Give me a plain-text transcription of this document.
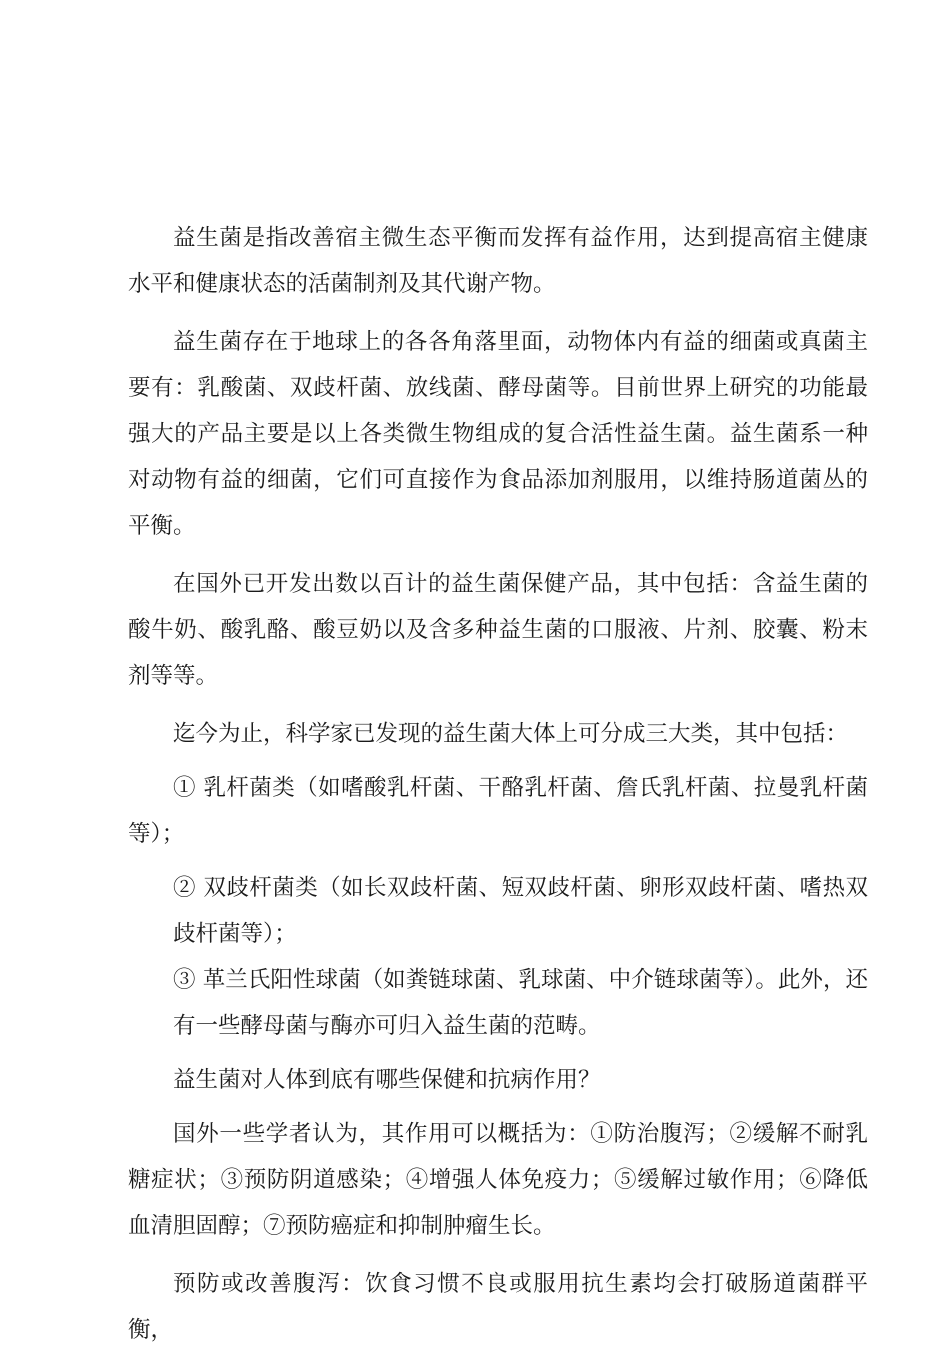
益生菌是指改善宿主微生态平衡而发挥有益作用，达到提高宿主健康水平和健康状态的活菌制剂及其代谢产物。

益生菌存在于地球上的各各角落里面，动物体内有益的细菌或真菌主要有：乳酸菌、双歧杆菌、放线菌、酵母菌等。目前世界上研究的功能最强大的产品主要是以上各类微生物组成的复合活性益生菌。益生菌系一种对动物有益的细菌，它们可直接作为食品添加剂服用，以维持肠道菌丛的平衡。

在国外已开发出数以百计的益生菌保健产品，其中包括：含益生菌的酸牛奶、酸乳酪、酸豆奶以及含多种益生菌的口服液、片剂、胶囊、粉末剂等等。

迄今为止，科学家已发现的益生菌大体上可分成三大类，其中包括：

① 乳杆菌类（如嗜酸乳杆菌、干酪乳杆菌、詹氏乳杆菌、拉曼乳杆菌等）；

② 双歧杆菌类（如长双歧杆菌、短双歧杆菌、卵形双歧杆菌、嗜热双歧杆菌等）；

③ 革兰氏阳性球菌（如粪链球菌、乳球菌、中介链球菌等）。此外，还有一些酵母菌与酶亦可归入益生菌的范畴。

益生菌对人体到底有哪些保健和抗病作用？

国外一些学者认为，其作用可以概括为：①防治腹泻；②缓解不耐乳糖症状；③预防阴道感染；④增强人体免疫力；⑤缓解过敏作用；⑥降低血清胆固醇；⑦预防癌症和抑制肿瘤生长。

预防或改善腹泻：饮食习惯不良或服用抗生素均会打破肠道菌群平衡，
